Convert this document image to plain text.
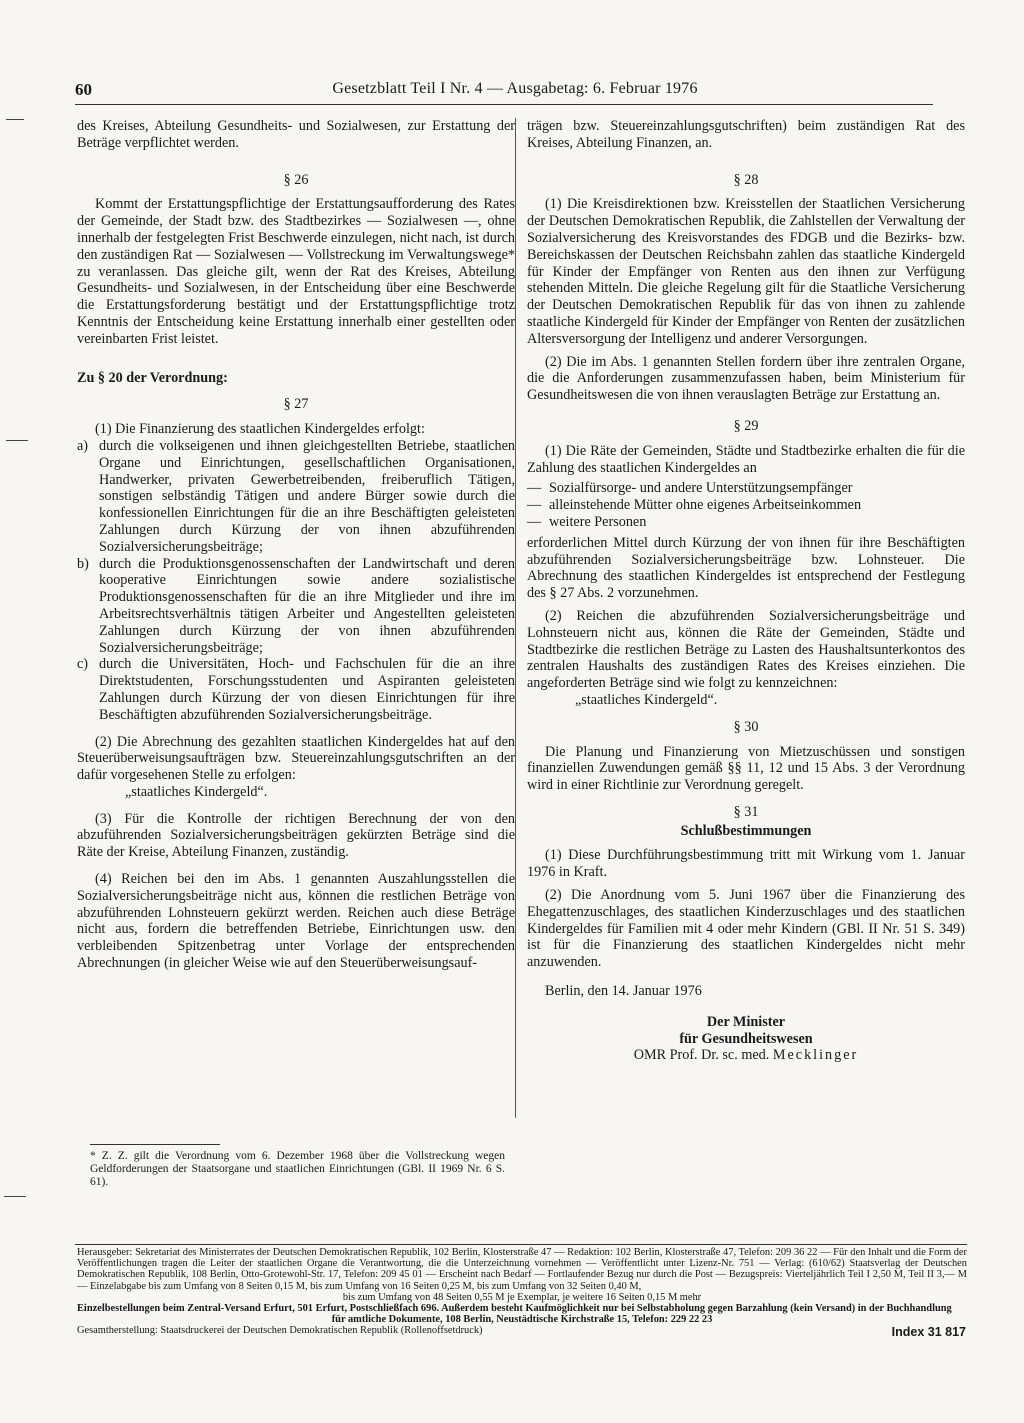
60	Gesetzblatt Teil I Nr. 4 — Ausgabetag: 6. Februar 1976

des Kreises, Abteilung Gesundheits- und Sozialwesen, zur Erstattung der Beträge verpflichtet werden.

§ 26

Kommt der Erstattungspflichtige der Erstattungsaufforderung des Rates der Gemeinde, der Stadt bzw. des Stadtbezirkes — Sozialwesen —, ohne innerhalb der festgelegten Frist Beschwerde einzulegen, nicht nach, ist durch den zuständigen Rat — Sozialwesen — Vollstreckung im Verwaltungswege* zu veranlassen. Das gleiche gilt, wenn der Rat des Kreises, Abteilung Gesundheits- und Sozialwesen, in der Entscheidung über eine Beschwerde die Erstattungsforderung bestätigt und der Erstattungspflichtige trotz Kenntnis der Entscheidung keine Erstattung innerhalb einer gestellten oder vereinbarten Frist leistet.

Zu § 20 der Verordnung:

§ 27

(1) Die Finanzierung des staatlichen Kindergeldes erfolgt:

a) durch die volkseigenen und ihnen gleichgestellten Betriebe, staatlichen Organe und Einrichtungen, gesellschaftlichen Organisationen, Handwerker, privaten Gewerbetreibenden, freiberuflich Tätigen, sonstigen selbständig Tätigen und andere Bürger sowie durch die konfessionellen Einrichtungen für die an ihre Beschäftigten geleisteten Zahlungen durch Kürzung der von ihnen abzuführenden Sozialversicherungsbeiträge;
b) durch die Produktionsgenossenschaften der Landwirtschaft und deren kooperative Einrichtungen sowie andere sozialistische Produktionsgenossenschaften für die an ihre Mitglieder und ihre im Arbeitsrechtsverhältnis tätigen Arbeiter und Angestellten geleisteten Zahlungen durch Kürzung der von ihnen abzuführenden Sozialversicherungsbeiträge;
c) durch die Universitäten, Hoch- und Fachschulen für die an ihre Direktstudenten, Forschungsstudenten und Aspiranten geleisteten Zahlungen durch Kürzung der von diesen Einrichtungen für ihre Beschäftigten abzuführenden Sozialversicherungsbeiträge.

(2) Die Abrechnung des gezahlten staatlichen Kindergeldes hat auf den Steuerüberweisungsaufträgen bzw. Steuereinzahlungsgutschriften an der dafür vorgesehenen Stelle zu erfolgen:

„staatliches Kindergeld“.

(3) Für die Kontrolle der richtigen Berechnung der von den abzuführenden Sozialversicherungsbeiträgen gekürzten Beträge sind die Räte der Kreise, Abteilung Finanzen, zuständig.

(4) Reichen bei den im Abs. 1 genannten Auszahlungsstellen die Sozialversicherungsbeiträge nicht aus, können die restlichen Beträge von abzuführenden Lohnsteuern gekürzt werden. Reichen auch diese Beträge nicht aus, fordern die betreffenden Betriebe, Einrichtungen usw. den verbleibenden Spitzenbetrag unter Vorlage der entsprechenden Abrechnungen (in gleicher Weise wie auf den Steuerüberweisungsauf-

* Z. Z. gilt die Verordnung vom 6. Dezember 1968 über die Vollstreckung wegen Geldforderungen der Staatsorgane und staatlichen Einrichtungen (GBl. II 1969 Nr. 6 S. 61).

trägen bzw. Steuereinzahlungsgutschriften) beim zuständigen Rat des Kreises, Abteilung Finanzen, an.

§ 28

(1) Die Kreisdirektionen bzw. Kreisstellen der Staatlichen Versicherung der Deutschen Demokratischen Republik, die Zahlstellen der Verwaltung der Sozialversicherung des Kreisvorstandes des FDGB und die Bezirks- bzw. Bereichskassen der Deutschen Reichsbahn zahlen das staatliche Kindergeld für Kinder der Empfänger von Renten aus den ihnen zur Verfügung stehenden Mitteln. Die gleiche Regelung gilt für die Staatliche Versicherung der Deutschen Demokratischen Republik für das von ihnen zu zahlende staatliche Kindergeld für Kinder der Empfänger von Renten der zusätzlichen Altersversorgung der Intelligenz und anderer Versorgungen.

(2) Die im Abs. 1 genannten Stellen fordern über ihre zentralen Organe, die die Anforderungen zusammenzufassen haben, beim Ministerium für Gesundheitswesen die von ihnen verauslagten Beträge zur Erstattung an.

§ 29

(1) Die Räte der Gemeinden, Städte und Stadtbezirke erhalten die für die Zahlung des staatlichen Kindergeldes an

— Sozialfürsorge- und andere Unterstützungsempfänger
— alleinstehende Mütter ohne eigenes Arbeitseinkommen
— weitere Personen

erforderlichen Mittel durch Kürzung der von ihnen für ihre Beschäftigten abzuführenden Sozialversicherungsbeiträge bzw. Lohnsteuer. Die Abrechnung des staatlichen Kindergeldes ist entsprechend der Festlegung des § 27 Abs. 2 vorzunehmen.

(2) Reichen die abzuführenden Sozialversicherungsbeiträge und Lohnsteuern nicht aus, können die Räte der Gemeinden, Städte und Stadtbezirke die restlichen Beträge zu Lasten des Haushaltsunterkontos des zentralen Haushalts des zuständigen Rates des Kreises einziehen. Die angeforderten Beträge sind wie folgt zu kennzeichnen:

„staatliches Kindergeld“.

§ 30

Die Planung und Finanzierung von Mietzuschüssen und sonstigen finanziellen Zuwendungen gemäß §§ 11, 12 und 15 Abs. 3 der Verordnung wird in einer Richtlinie zur Verordnung geregelt.

§ 31
Schlußbestimmungen

(1) Diese Durchführungsbestimmung tritt mit Wirkung vom 1. Januar 1976 in Kraft.

(2) Die Anordnung vom 5. Juni 1967 über die Finanzierung des Ehegattenzuschlages, des staatlichen Kinderzuschlages und des staatlichen Kindergeldes für Familien mit 4 oder mehr Kindern (GBl. II Nr. 51 S. 349) ist für die Finanzierung des staatlichen Kindergeldes nicht mehr anzuwenden.

Berlin, den 14. Januar 1976

Der Minister
für Gesundheitswesen
OMR Prof. Dr. sc. med. Mecklinger
Herausgeber: Sekretariat des Ministerrates der Deutschen Demokratischen Republik, 102 Berlin, Klosterstraße 47 — Redaktion: 102 Berlin, Klosterstraße 47, Telefon: 209 36 22 — Für den Inhalt und die Form der Veröffentlichungen tragen die Leiter der staatlichen Organe die Verantwortung, die die Unterzeichnung vornehmen — Veröffentlicht unter Lizenz-Nr. 751 — Verlag: (610/62) Staatsverlag der Deutschen Demokratischen Republik, 108 Berlin, Otto-Grotewohl-Str. 17, Telefon: 209 45 01 — Erscheint nach Bedarf — Fortlaufender Bezug nur durch die Post — Bezugspreis: Vierteljährlich Teil I 2,50 M, Teil II 3,— M — Einzelabgabe bis zum Umfang von 8 Seiten 0,15 M, bis zum Umfang von 16 Seiten 0,25 M, bis zum Umfang von 32 Seiten 0,40 M,
bis zum Umfang von 48 Seiten 0,55 M je Exemplar, je weitere 16 Seiten 0,15 M mehr
Einzelbestellungen beim Zentral-Versand Erfurt, 501 Erfurt, Postschließfach 696. Außerdem besteht Kaufmöglichkeit nur bei Selbstabholung gegen Barzahlung (kein Versand) in der Buchhandlung
für amtliche Dokumente, 108 Berlin, Neustädtische Kirchstraße 15, Telefon: 229 22 23
Gesamtherstellung: Staatsdruckerei der Deutschen Demokratischen Republik (Rollenoffsetdruck)	Index 31 817
